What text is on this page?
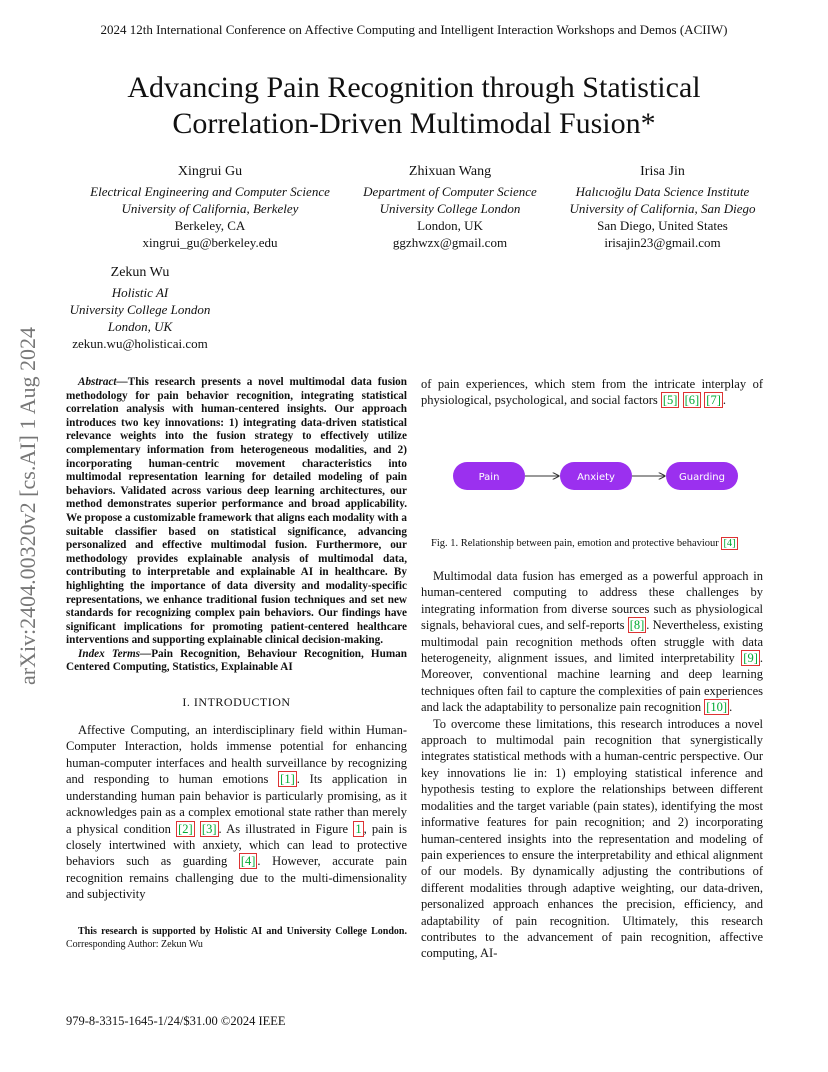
2024 12th International Conference on Affective Computing and Intelligent Interaction Workshops and Demos (ACIIW)
Advancing Pain Recognition through Statistical
Correlation-Driven Multimodal Fusion*
Xingrui Gu
Electrical Engineering and Computer Science
University of California, Berkeley
Berkeley, CA
xingrui_gu@berkeley.edu
Zhixuan Wang
Department of Computer Science
University College London
London, UK
ggzhwzx@gmail.com
Irisa Jin
Halıcıoğlu Data Science Institute
University of California, San Diego
San Diego, United States
irisajin23@gmail.com
Zekun Wu
Holistic AI
University College London
London, UK
zekun.wu@holisticai.com
arXiv:2404.00320v2 [cs.AI] 1 Aug 2024	Abstract—This research presents a novel multimodal data fusion methodology for pain behavior recognition, integrating statistical correlation analysis with human-centered insights. Our approach introduces two key innovations: 1) integrating data-driven statistical relevance weights into the fusion strategy to effectively utilize complementary information from heterogeneous modalities, and 2) incorporating human-centric movement characteristics into multimodal representation learning for detailed modeling of pain behaviors. Validated across various deep learning architectures, our method demonstrates superior performance and broad applicability. We propose a customizable framework that aligns each modality with a suitable classifier based on statistical significance, advancing personalized and effective multimodal fusion. Furthermore, our methodology provides explainable analysis of multimodal data, contributing to interpretable and explainable AI in healthcare. By highlighting the importance of data diversity and modality-specific representations, we enhance traditional fusion techniques and set new standards for recognizing complex pain behaviors. Our findings have significant implications for promoting patient-centered healthcare interventions and supporting explainable clinical decision-making.
Index Terms—Pain Recognition, Behaviour Recognition, Human Centered Computing, Statistics, Explainable AI
I. INTRODUCTION
Affective Computing, an interdisciplinary field within Human-Computer Interaction, holds immense potential for enhancing human-computer interfaces and health surveillance by recognizing and responding to human emotions [1] . Its application in understanding human pain behavior is particularly promising, as it acknowledges pain as a complex emotional state rather than merely a physical condition [2] [3] . As illustrated in Figure 1 , pain is closely intertwined with anxiety, which can lead to protective behaviors such as guarding [4] . However, accurate pain recognition remains challenging due to the multi-dimensionality and subjectivity
This research is supported by Holistic AI and University College London. Corresponding Author: Zekun Wu
979-8-3315-1645-1/24/$31.00 ©2024 IEEE
of pain experiences, which stem from the intricate interplay of physiological, psychological, and social factors [5] [6] [7] .
Pain	Anxiety	Guarding
Fig. 1. Relationship between pain, emotion and protective behaviour [4]
Multimodal data fusion has emerged as a powerful approach in human-centered computing to address these challenges by integrating information from diverse sources such as physiological signals, behavioral cues, and self-reports [8] . Nevertheless, existing multimodal pain recognition methods often struggle with data heterogeneity, alignment issues, and limited interpretability [9] . Moreover, conventional machine learning and deep learning techniques often fail to capture the complexities of pain experiences and lack the adaptability to personalize pain recognition [10] .
To overcome these limitations, this research introduces a novel approach to multimodal pain recognition that synergistically integrates statistical methods with a human-centric perspective. Our key innovations lie in: 1) employing statistical inference and hypothesis testing to explore the relationships between different modalities and the target variable (pain states), identifying the most informative features for pain recognition; and 2) incorporating human-centered insights into the representation and modeling of pain experiences to ensure the interpretability and ethical alignment of our models. By dynamically adjusting the contributions of different modalities through adaptive weighting, our data-driven, personalized approach enhances the precision, efficiency, and adaptability of pain recognition. Ultimately, this research contributes to the advancement of pain recognition, affective computing, AI-
